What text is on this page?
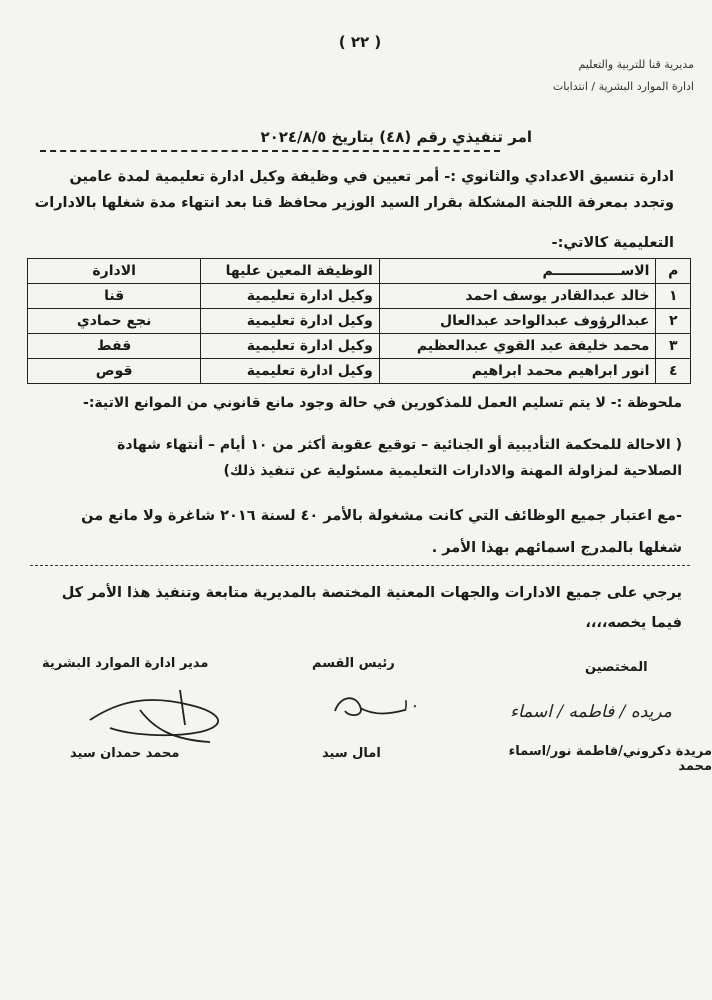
( ٢٢ )
مديرية قنا للتربية والتعليم
ادارة الموارد البشرية / انتدابات
امر تنفيذي رقم (٤٨) بتاريخ ٢٠٢٤/٨/٥
ادارة تنسيق الاعدادي والثانوي :- أمر تعيين في وظيفة وكيل ادارة تعليمية لمدة عامين
وتجدد بمعرفة اللجنة المشكلة بقرار السيد الوزير محافظ قنا بعد انتهاء مدة شغلها بالادارات
التعليمية كالاتي:-
م	الاســــــــــــــم	الوظيفة المعين عليها	الادارة
١	خالد عبدالقادر يوسف احمد	وكيل ادارة تعليمية	قنا
٢	عبدالرؤوف عبدالواحد عبدالعال	وكيل ادارة تعليمية	نجع حمادي
٣	محمد خليفة عبد القوي عبدالعظيم	وكيل ادارة تعليمية	قفط
٤	انور ابراهيم محمد ابراهيم	وكيل ادارة تعليمية	قوص
ملحوظة :- لا يتم تسليم العمل للمذكورين في حالة وجود مانع قانوني من الموانع الاتية:-
( الاحالة للمحكمة التأديبية أو الجنائية – توقيع عقوبة أكثر من ١٠ أيام – أنتهاء شهادة
الصلاحية لمزاولة المهنة والادارات التعليمية مسئولية عن تنفيذ ذلك)
-مع اعتبار جميع الوظائف التي كانت مشغولة بالأمر ٤٠ لسنة ٢٠١٦ شاغرة ولا مانع من
شغلها بالمدرج اسمائهم بهذا الأمر .
يرجي على جميع الادارات والجهات المعنية المختصة بالمديرية متابعة وتنفيذ هذا الأمر كل
فيما يخصه،،،،
مدير ادارة الموارد البشرية
محمد حمدان سيد
رئيس القسم
١٠
امال سيد
المختصين
مريده / فاطمه / اسماء
مريدة دكروني/فاطمة نور/اسماء محمد
